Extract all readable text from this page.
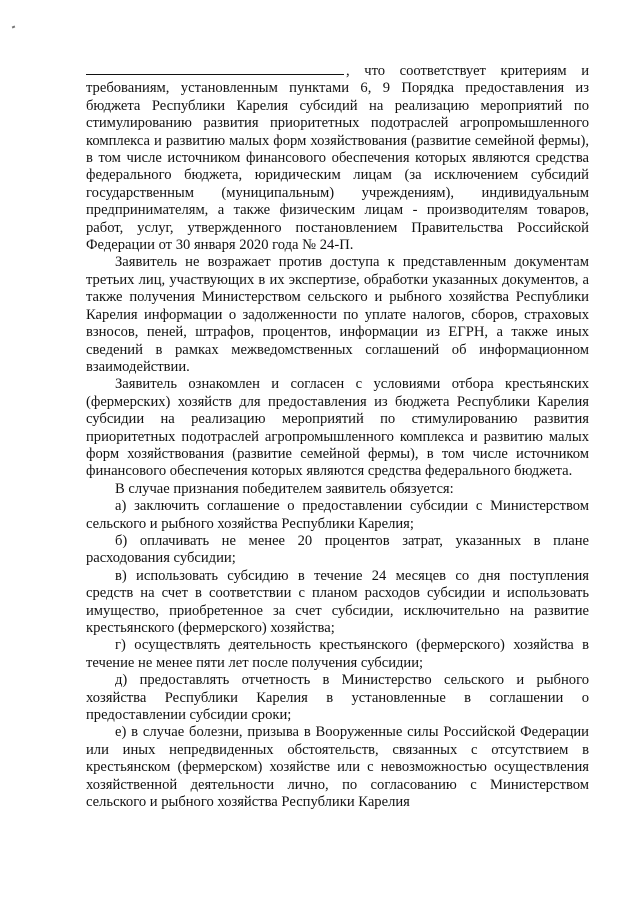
, что соответствует критериям и требованиям, установленным пунктами 6, 9 Порядка предоставления из бюджета Республики Карелия субсидий на реализацию мероприятий по стимулированию развития приоритетных подотраслей агропромышленного комплекса и развитию малых форм хозяйствования (развитие семейной фермы), в том числе источником финансового обеспечения которых являются средства федерального бюджета, юридическим лицам (за исключением субсидий государственным (муниципальным) учреждениям), индивидуальным предпринимателям, а также физическим лицам - производителям товаров, работ, услуг, утвержденного постановлением Правительства Российской Федерации от 30 января 2020 года № 24-П.

Заявитель не возражает против доступа к представленным документам третьих лиц, участвующих в их экспертизе, обработки указанных документов, а также получения Министерством сельского и рыбного хозяйства Республики Карелия информации о задолженности по уплате налогов, сборов, страховых взносов, пеней, штрафов, процентов, информации из ЕГРН, а также иных сведений в рамках межведомственных соглашений об информационном взаимодействии.

Заявитель ознакомлен и согласен с условиями отбора крестьянских (фермерских) хозяйств для предоставления из бюджета Республики Карелия субсидии на реализацию мероприятий по стимулированию развития приоритетных подотраслей агропромышленного комплекса и развитию малых форм хозяйствования (развитие семейной фермы), в том числе источником финансового обеспечения которых являются средства федерального бюджета.

В случае признания победителем заявитель обязуется:

а) заключить соглашение о предоставлении субсидии с Министерством сельского и рыбного хозяйства Республики Карелия;

б) оплачивать не менее 20 процентов затрат, указанных в плане расходования субсидии;

в) использовать субсидию в течение 24 месяцев со дня поступления средств на счет в соответствии с планом расходов субсидии и использовать имущество, приобретенное за счет субсидии, исключительно на развитие крестьянского (фермерского) хозяйства;

г) осуществлять деятельность крестьянского (фермерского) хозяйства в течение не менее пяти лет после получения субсидии;

д) предоставлять отчетность в Министерство сельского и рыбного хозяйства Республики Карелия в установленные в соглашении о предоставлении субсидии сроки;

е) в случае болезни, призыва в Вооруженные силы Российской Федерации или иных непредвиденных обстоятельств, связанных с отсутствием в крестьянском (фермерском) хозяйстве или с невозможностью осуществления хозяйственной деятельности лично, по согласованию с Министерством сельского и рыбного хозяйства Республики Карелия
